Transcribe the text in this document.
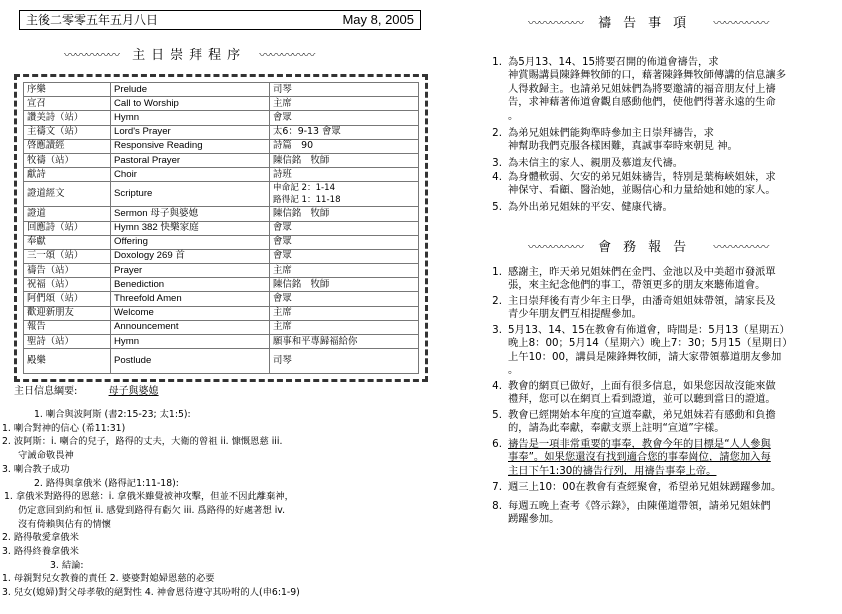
主後二零零五年五月八日	May 8, 2005
〰〰〰〰〰 主日崇拜程序 〰〰〰〰〰
序樂	Prelude	司琴
宣召	Call to Worship	主席
讚美詩（站）	Hymn	會眾
主禱文（站）	Lord's Prayer	太6：9-13 會眾
啓應讀經	Responsive Reading	詩篇　90
牧禱（站）	Pastoral Prayer	陳信銘　牧師
獻詩	Choir	詩班
證道經文	Scripture	申命記 2：1-14
路得記 1：11-18

證道	Sermon 母子與婆媳	陳信銘　牧師
回應詩（站）	Hymn 382 快樂家庭	會眾
奉獻	Offering	會眾
三一頌（站）	Doxology 269 首	會眾
禱告（站）	Prayer	主席
祝福（站）	Benediction	陳信銘　牧師
阿們頌（站）	Threefold Amen	會眾
歡迎新朋友	Welcome	主席
報告	Announcement	主席
聖詩（站）	Hymn	願事和平專歸福給你
殿樂	Postlude	司琴
主日信息綱要:	母子與婆媳
1. 喇合與波阿斯 (書2:15-23; 太1:5):
1. 喇合對神的信心 (希11:31)
2. 波阿斯：i. 喇合的兒子，路得的丈夫，大衛的曾祖 ii. 慷慨恩慈 iii.
守誡命敬畏神
3. 喇合教子成功
2. 路得與拿俄米 (路得記1:11-18):
1. 拿俄米對路得的恩慈：i. 拿俄米雖覺被神攻擊，但並不因此離棄神，
仍定意回到約和恒 ii. 感覺到路得有虧欠 iii. 爲路得的好處著想 iv.
沒有倚賴與佔有的情懷
2. 路得敬愛拿俄米
3. 路得終養拿俄米
3. 結論:
1. 母親對兒女教養的責任 2. 婆婆對媳婦恩慈的必要
3. 兒女(媳婦)對父母孝敬的絕對性 4. 神會恩待遵守其吩咐的人(申6:1-9)
〰〰〰〰〰 禱告事項 〰〰〰〰〰
1. 為5月13、14、15將要召開的佈道會禱告，求
神賞賜講員陳鋒舞牧師的口，藉著陳鋒舞牧師傳講的信息讓多
人得救歸主。也請弟兄姐妹們為將要邀請的福音朋友付上禱
告，求神藉著佈道會觀自感動他們，使他們得著永遠的生命
。
2. 為弟兄姐妹們能夠準時參加主日崇拜禱告，求
神幫助我們克服各樣困難，真誠事奉時來朝見 神。
3. 為未信主的家人、親朋及慕道友代禱。
4. 為身體軟弱、欠安的弟兄姐妹禱告，特別是葉梅峽姐妹，求
神保守、看顧、醫治她，並賜信心和力量給她和她的家人。
5. 為外出弟兄姐妹的平安、健康代禱。
〰〰〰〰〰 會務報告 〰〰〰〰〰
1. 感謝主，昨天弟兄姐妹們在金門、金池以及中美超市發派單
張，來主紀念他們的事工，帶領更多的朋友來聽佈道會。
2. 主日崇拜後有青少年主日學，由潘奇姐姐妹帶領，請家長及
青少年朋友們互相提醒參加。
3. 5月13、14、15在教會有佈道會，時間是：5月13（星期五）
晚上8：00；5月14（星期六）晚上7：30；5月15（星期日）
上午10：00，講員是陳鋒舞牧師，請大家帶領慕道朋友參加
。
4. 教會的網頁已做好，上面有很多信息，如果您因故沒能來做
禮拜，您可以在網頁上看到證道，並可以聽到當日的證道。
5. 教會已經開始本年度的宣道奉獻，弟兄姐妹若有感動和負擔
的，請為此奉獻，奉獻支票上註明“宣道”字樣。
6. 禱告是一項非常重要的事奉，教會今年的目標是“人人參與
事奉”。如果您還沒有找到適合您的事奉崗位，請您加入每
主日下午1:30的禱告行列，用禱告事奉上帝。
7. 週三上10：00在教會有查經聚會，希望弟兄姐妹踴躍參加。
8. 每週五晚上查考《啓示錄》，由陳僅道帶領，請弟兄姐妹們
踴躍參加。
